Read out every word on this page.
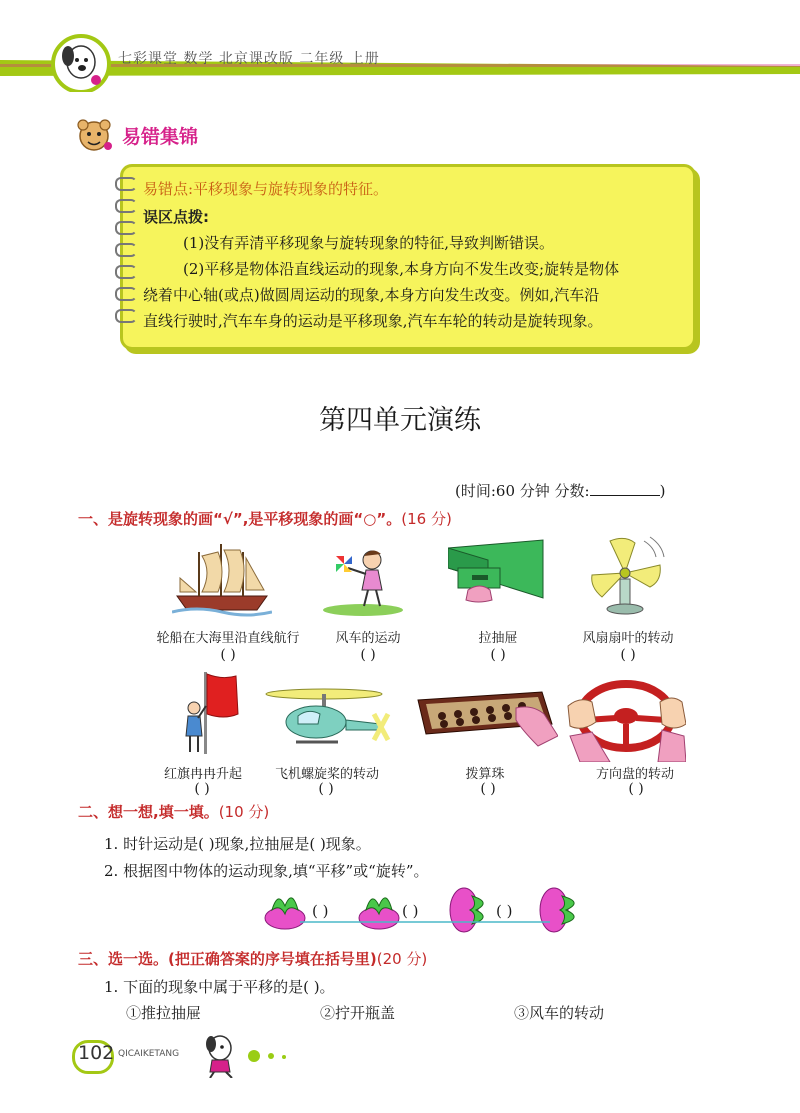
七彩课堂 数学 北京课改版 二年级 上册
易错集锦
易错点:平移现象与旋转现象的特征。
误区点拨:
(1)没有弄清平移现象与旋转现象的特征,导致判断错误。
(2)平移是物体沿直线运动的现象,本身方向不发生改变;旋转是物体
绕着中心轴(或点)做圆周运动的现象,本身方向发生改变。例如,汽车沿
直线行驶时,汽车车身的运动是平移现象,汽车车轮的转动是旋转现象。
第四单元演练
(时间:60 分钟 分数:	)
一、是旋转现象的画“√”,是平移现象的画“○”。(16 分)
轮船在大海里沿直线航行	风车的运动	拉抽屉	风扇扇叶的转动
( )	( )	( )	( )
红旗冉冉升起	飞机螺旋桨的转动	拨算珠	方向盘的转动
( )	( )	( )	( )
二、想一想,填一填。(10 分)
1. 时针运动是( )现象,拉抽屉是( )现象。
2. 根据图中物体的运动现象,填“平移”或“旋转”。
( )	( )	( )
三、选一选。(把正确答案的序号填在括号里)(20 分)
1. 下面的现象中属于平移的是( )。
①推拉抽屉	②拧开瓶盖	③风车的转动
102 QICAIKETANG
